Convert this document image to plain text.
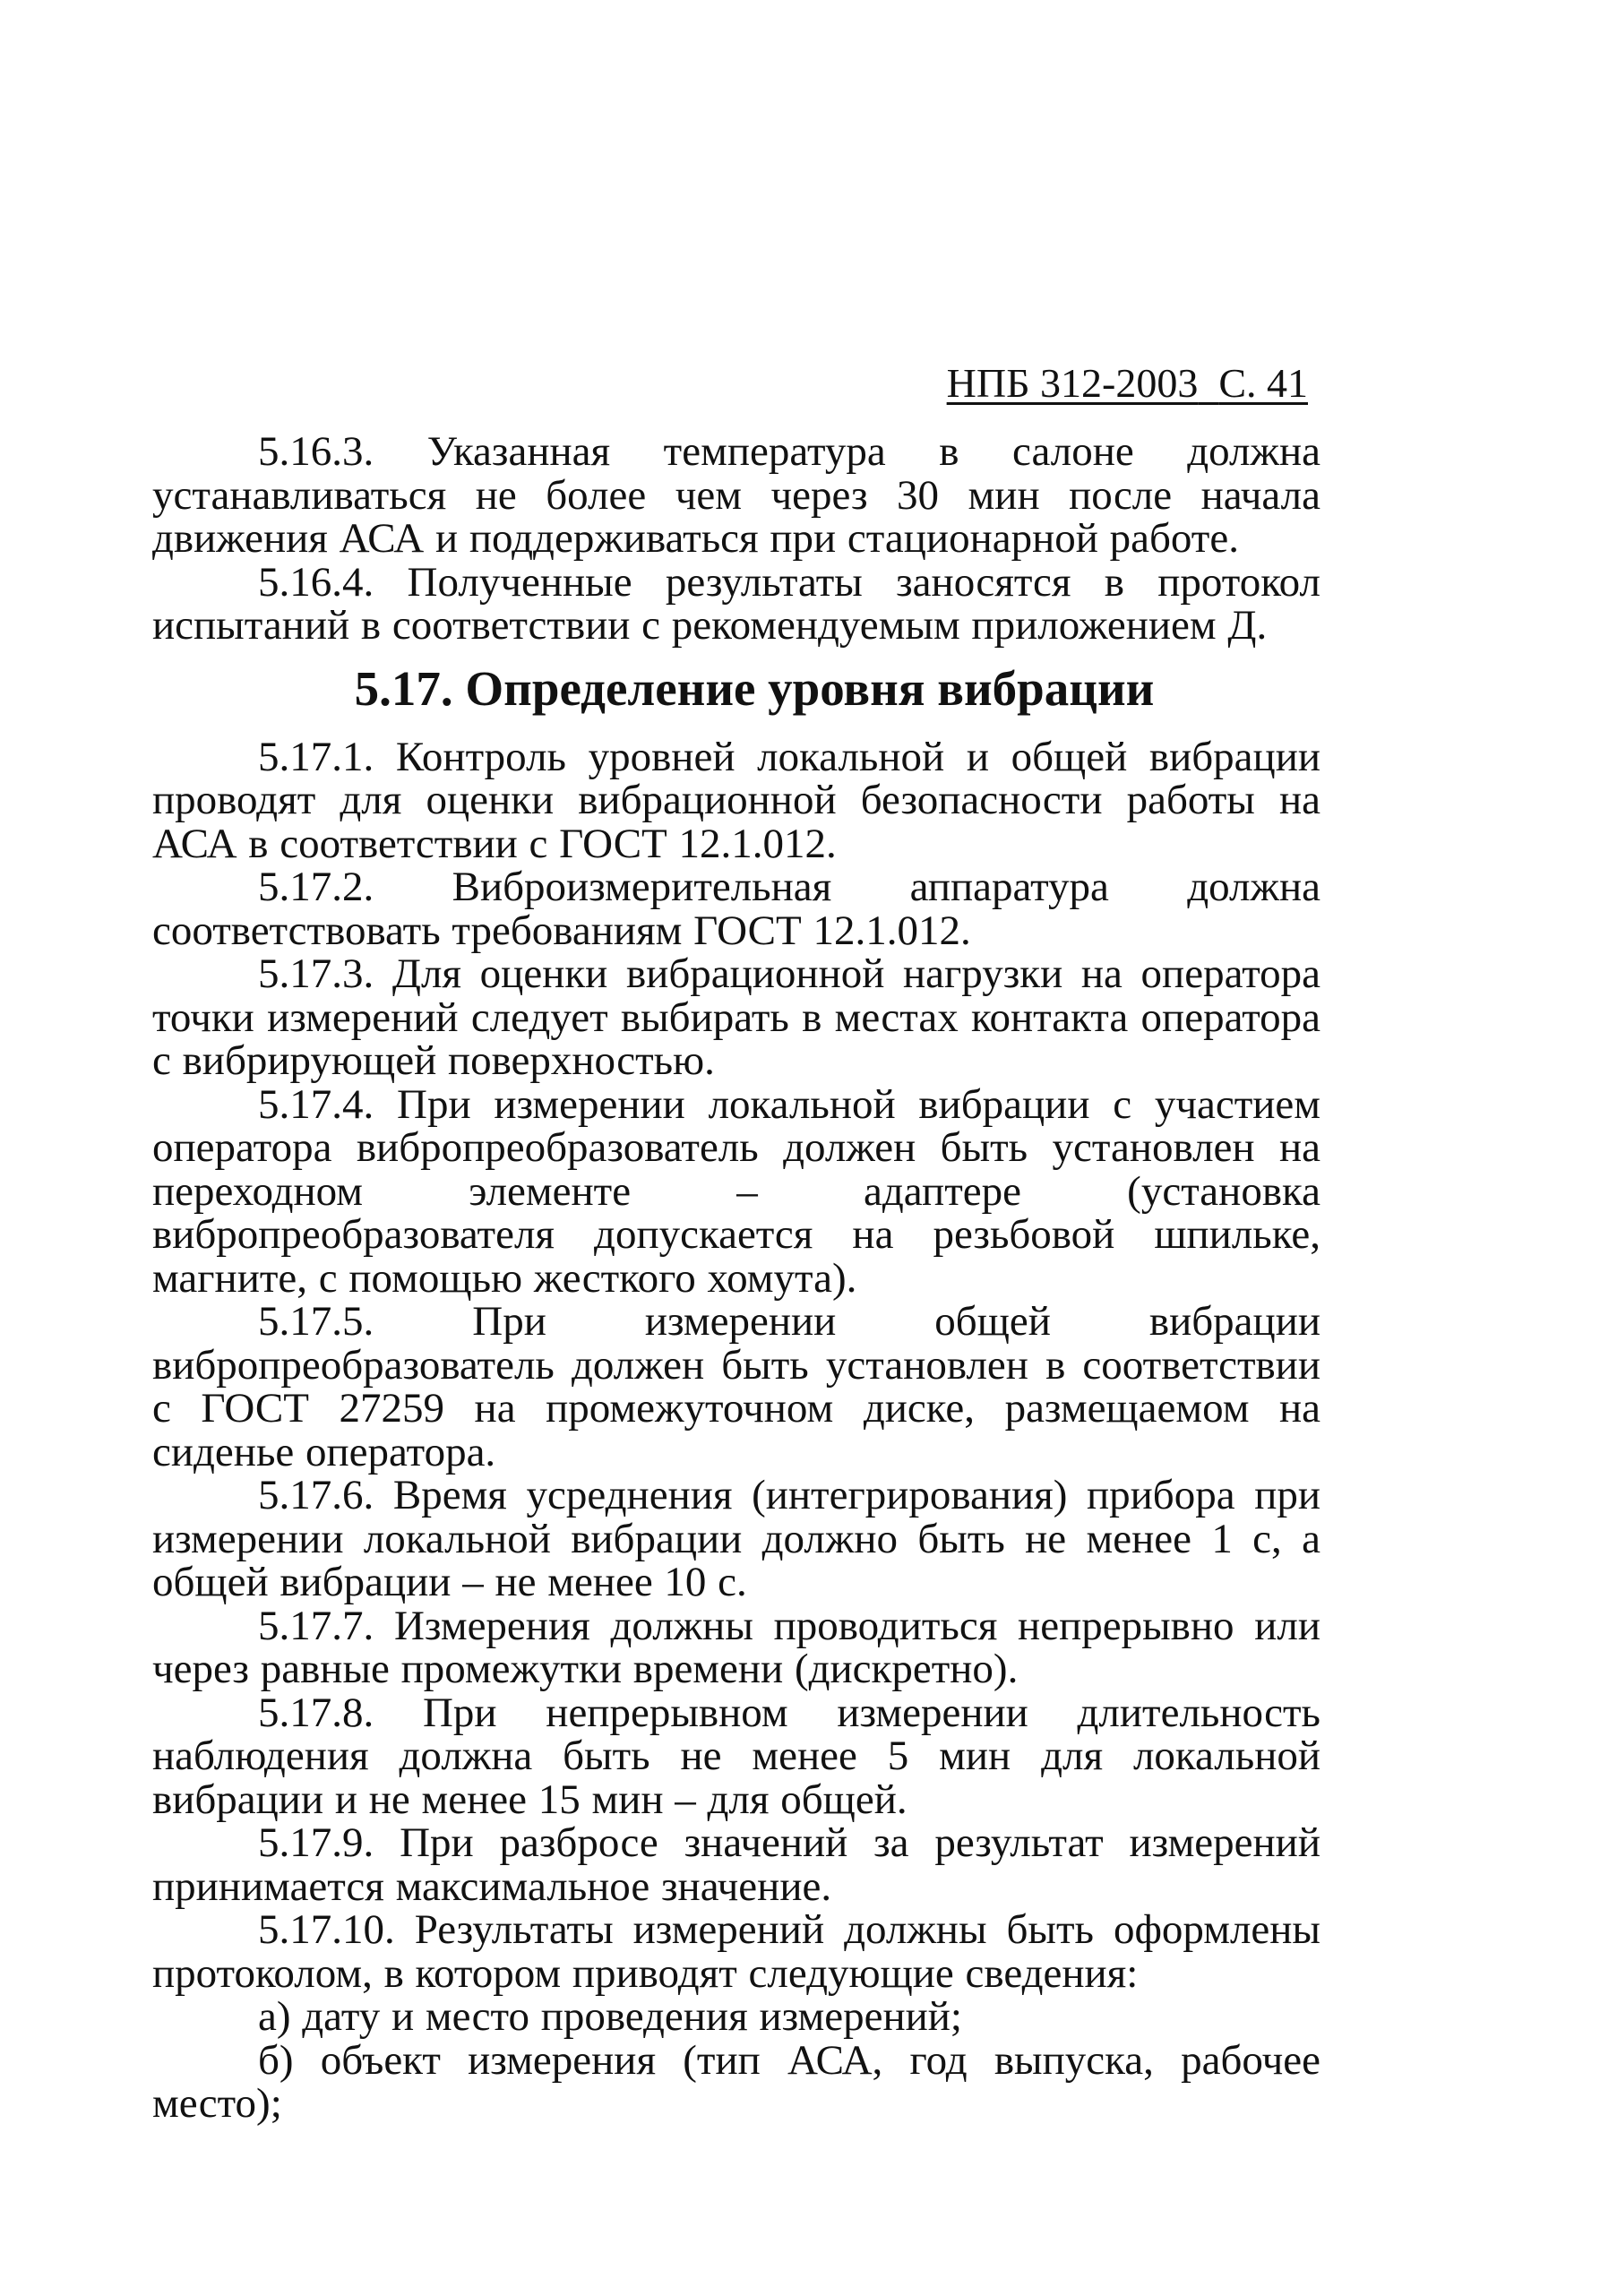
НПБ 312-2003 С. 41

5.16.3. Указанная температура в салоне должна устанавливаться не более чем через 30 мин после начала движения АСА и поддерживаться при стационарной работе.

5.16.4. Полученные результаты заносятся в протокол испытаний в соответствии с рекомендуемым приложением Д.

5.17. Определение уровня вибрации

5.17.1. Контроль уровней локальной и общей вибрации проводят для оценки вибрационной безопасности работы на АСА в соответствии с ГОСТ 12.1.012.

5.17.2. Виброизмерительная аппаратура должна соответствовать требованиям ГОСТ 12.1.012.

5.17.3. Для оценки вибрационной нагрузки на оператора точки измерений следует выбирать в местах контакта оператора с вибрирующей поверхностью.

5.17.4. При измерении локальной вибрации с участием оператора вибропреобразователь должен быть установлен на переходном элементе – адаптере (установка вибропреобразователя допускается на резьбовой шпильке, магните, с помощью жесткого хомута).

5.17.5. При измерении общей вибрации вибропреобразователь должен быть установлен в соответствии с ГОСТ 27259 на промежуточном диске, размещаемом на сиденье оператора.

5.17.6. Время усреднения (интегрирования) прибора при измерении локальной вибрации должно быть не менее 1 с, а общей вибрации – не менее 10 с.

5.17.7. Измерения должны проводиться непрерывно или через равные промежутки времени (дискретно).

5.17.8. При непрерывном измерении длительность наблюдения должна быть не менее 5 мин для локальной вибрации и не менее 15 мин – для общей.

5.17.9. При разбросе значений за результат измерений принимается максимальное значение.

5.17.10. Результаты измерений должны быть оформлены протоколом, в котором приводят следующие сведения:

а) дату и место проведения измерений;

б) объект измерения (тип АСА, год выпуска, рабочее место);
